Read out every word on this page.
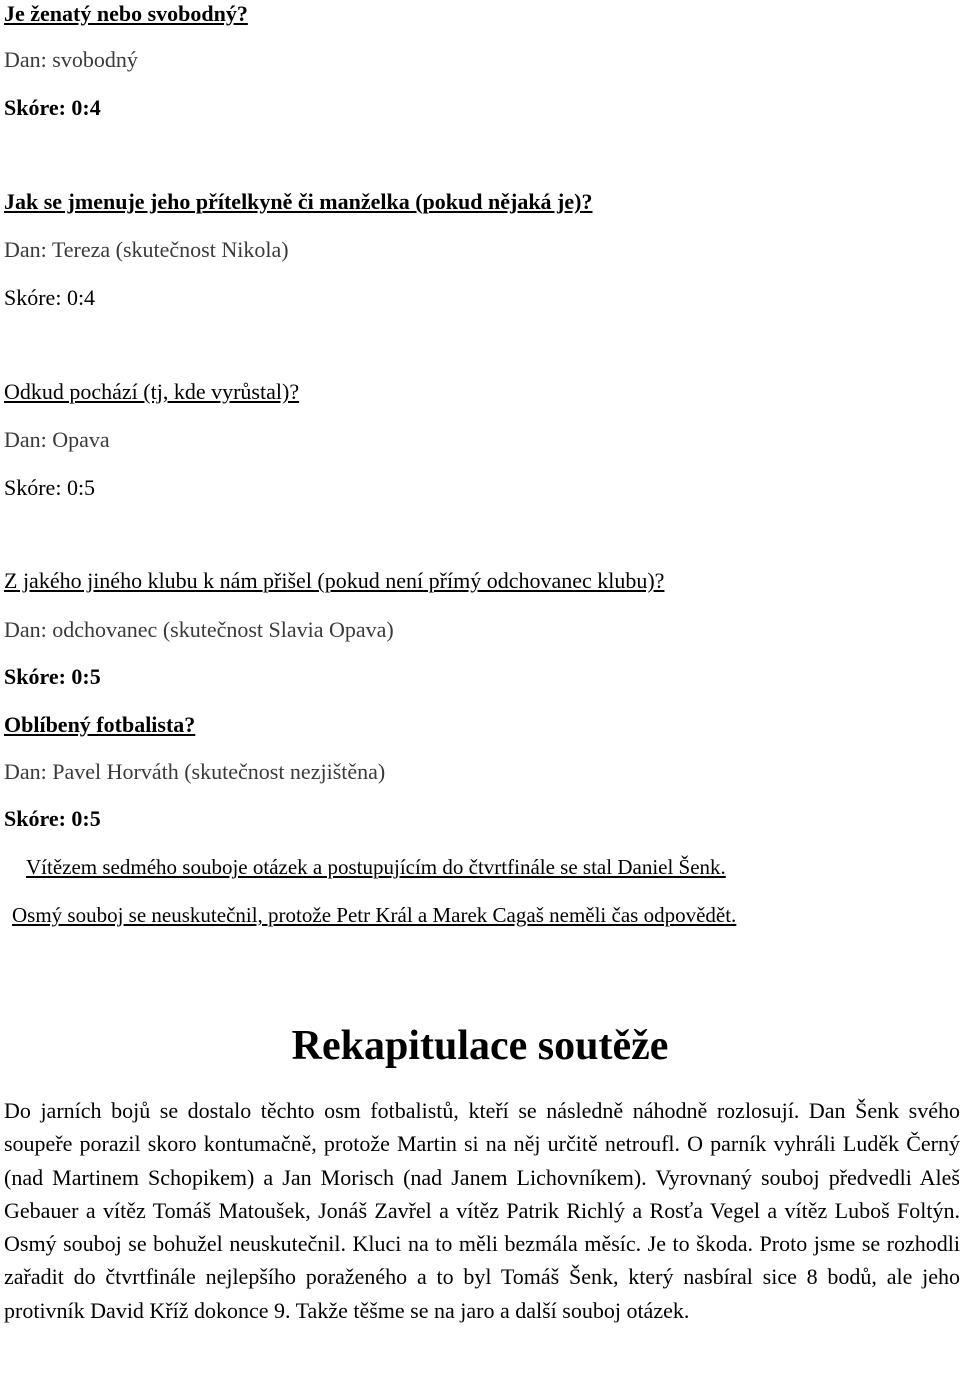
Je ženatý nebo svobodný?
Dan: svobodný
Skóre: 0:4
Jak se jmenuje jeho přítelkyně či manželka (pokud nějaká je)?
Dan: Tereza (skutečnost Nikola)
Skóre: 0:4
Odkud pochází (tj, kde vyrůstal)?
Dan: Opava
Skóre: 0:5
Z jakého jiného klubu k nám přišel (pokud není přímý odchovanec klubu)?
Dan: odchovanec (skutečnost Slavia Opava)
Skóre: 0:5
Oblíbený fotbalista?
Dan: Pavel Horváth (skutečnost nezjištěna)
Skóre: 0:5
Vítězem sedmého souboje otázek a postupujícím do čtvrtfinále se stal Daniel Šenk.
Osmý souboj se neuskutečnil, protože Petr Král a Marek Cagaš neměli čas odpovědět.
Rekapitulace soutěže

Do jarních bojů se dostalo těchto osm fotbalistů, kteří se následně náhodně rozlosují. Dan Šenk svého soupeře porazil skoro kontumačně, protože Martin si na něj určitě netroufl. O parník vyhráli Luděk Černý (nad Martinem Schopikem) a Jan Morisch (nad Janem Lichovníkem). Vyrovnaný souboj předvedli Aleš Gebauer a vítěz Tomáš Matoušek, Jonáš Zavřel a vítěz Patrik Richlý a Rosťa Vegel a vítěz Luboš Foltýn. Osmý souboj se bohužel neuskutečnil. Kluci na to měli bezmála měsíc. Je to škoda. Proto jsme se rozhodli zařadit do čtvrtfinále nejlepšího poraženého a to byl Tomáš Šenk, který nasbíral sice 8 bodů, ale jeho protivník David Kříž dokonce 9. Takže těšme se na jaro a další souboj otázek.
